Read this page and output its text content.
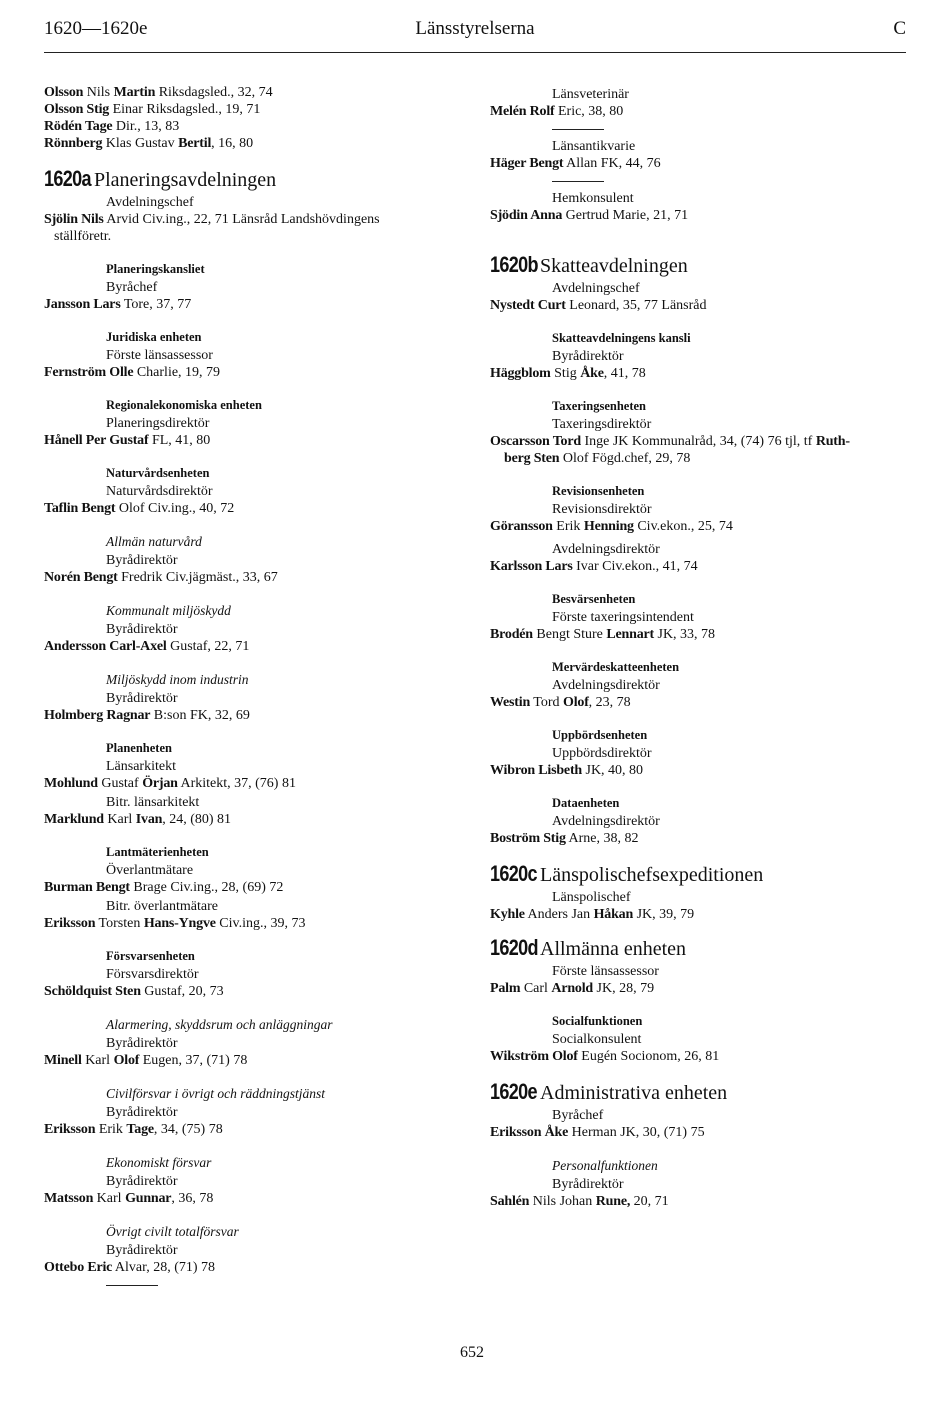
1620—1620e	Länsstyrelserna	C
Olsson Nils Martin Riksdagsled., 32, 74
Olsson Stig Einar Riksdagsled., 19, 71
Rödén Tage Dir., 13, 83
Rönnberg Klas Gustav Bertil, 16, 80
1620a Planeringsavdelningen
Avdelningschef
Sjölin Nils Arvid Civ.ing., 22, 71 Länsråd Landshövdingens
ställföretr.
Planeringskansliet
Byråchef
Jansson Lars Tore, 37, 77
Juridiska enheten
Förste länsassessor
Fernström Olle Charlie, 19, 79
Regionalekonomiska enheten
Planeringsdirektör
Hånell Per Gustaf FL, 41, 80
Naturvårdsenheten
Naturvårdsdirektör
Taflin Bengt Olof Civ.ing., 40, 72
Allmän naturvård
Byrådirektör
Norén Bengt Fredrik Civ.jägmäst., 33, 67
Kommunalt miljöskydd
Byrådirektör
Andersson Carl-Axel Gustaf, 22, 71
Miljöskydd inom industrin
Byrådirektör
Holmberg Ragnar B:son FK, 32, 69
Planenheten
Länsarkitekt
Mohlund Gustaf Örjan Arkitekt, 37, (76) 81
Bitr. länsarkitekt
Marklund Karl Ivan, 24, (80) 81
Lantmäterienheten
Överlantmätare
Burman Bengt Brage Civ.ing., 28, (69) 72
Bitr. överlantmätare
Eriksson Torsten Hans-Yngve Civ.ing., 39, 73
Försvarsenheten
Försvarsdirektör
Schöldquist Sten Gustaf, 20, 73
Alarmering, skyddsrum och anläggningar
Byrådirektör
Minell Karl Olof Eugen, 37, (71) 78
Civilförsvar i övrigt och räddningstjänst
Byrådirektör
Eriksson Erik Tage, 34, (75) 78
Ekonomiskt försvar
Byrådirektör
Matsson Karl Gunnar, 36, 78
Övrigt civilt totalförsvar
Byrådirektör
Ottebo Eric Alvar, 28, (71) 78
Länsveterinär
Melén Rolf Eric, 38, 80
Länsantikvarie
Häger Bengt Allan FK, 44, 76
Hemkonsulent
Sjödin Anna Gertrud Marie, 21, 71
1620b Skatteavdelningen
Avdelningschef
Nystedt Curt Leonard, 35, 77 Länsråd
Skatteavdelningens kansli
Byrådirektör
Häggblom Stig Åke, 41, 78
Taxeringsenheten
Taxeringsdirektör
Oscarsson Tord Inge JK Kommunalråd, 34, (74) 76 tjl, tf Ruth-
berg Sten Olof Fögd.chef, 29, 78
Revisionsenheten
Revisionsdirektör
Göransson Erik Henning Civ.ekon., 25, 74
Avdelningsdirektör
Karlsson Lars Ivar Civ.ekon., 41, 74
Besvärsenheten
Förste taxeringsintendent
Brodén Bengt Sture Lennart JK, 33, 78
Mervärdeskatteenheten
Avdelningsdirektör
Westin Tord Olof, 23, 78
Uppbördsenheten
Uppbördsdirektör
Wibron Lisbeth JK, 40, 80
Dataenheten
Avdelningsdirektör
Boström Stig Arne, 38, 82
1620c Länspolischefsexpeditionen
Länspolischef
Kyhle Anders Jan Håkan JK, 39, 79
1620d Allmänna enheten
Förste länsassessor
Palm Carl Arnold JK, 28, 79
Socialfunktionen
Socialkonsulent
Wikström Olof Eugén Socionom, 26, 81
1620e Administrativa enheten
Byråchef
Eriksson Åke Herman JK, 30, (71) 75
Personalfunktionen
Byrådirektör
Sahlén Nils Johan Rune, 20, 71
652
